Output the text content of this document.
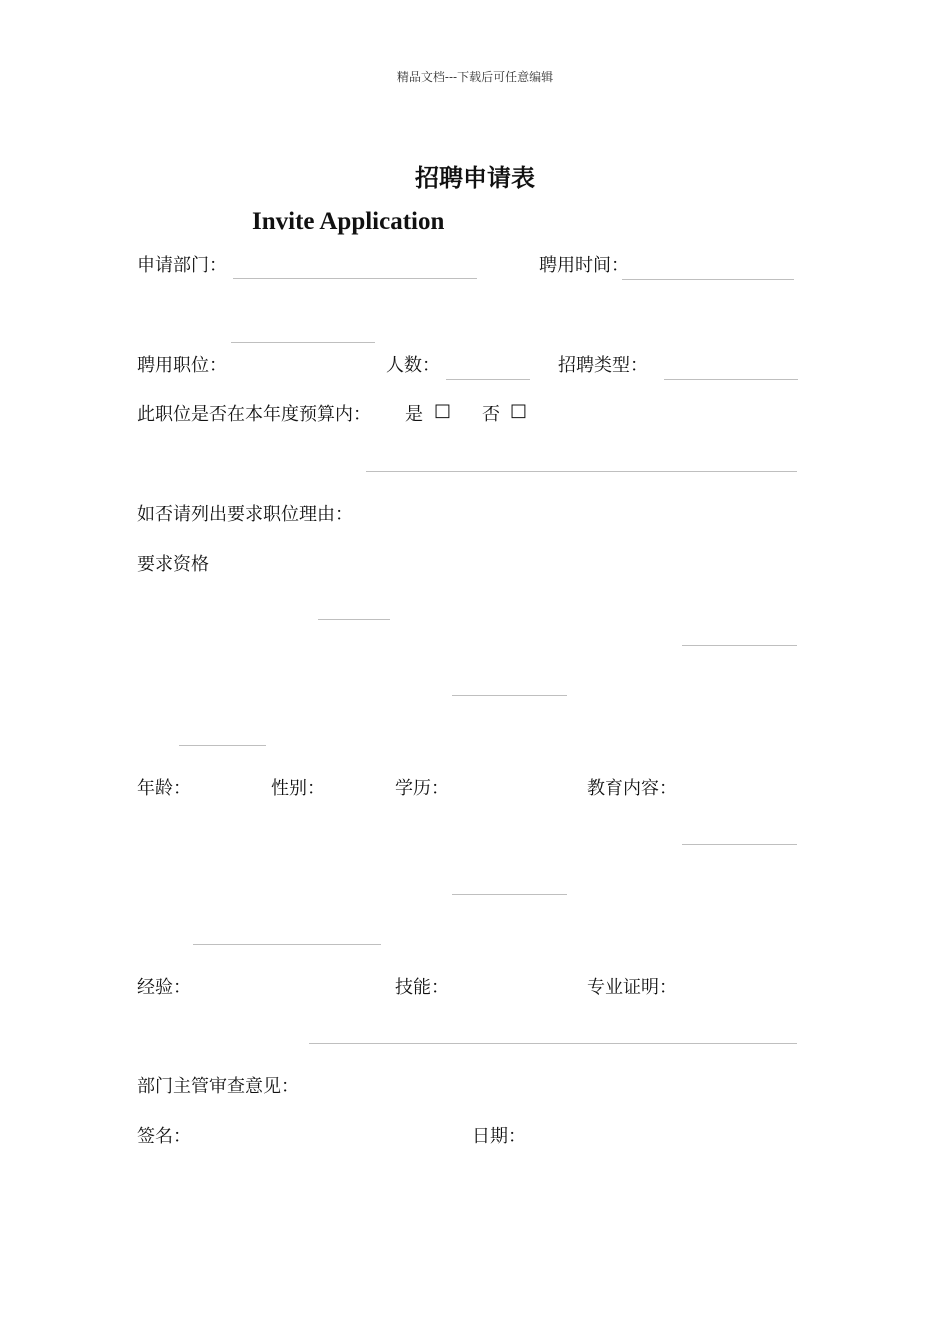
精品文档---下载后可任意编辑
招聘申请表
Invite Application
申请部门：	聘用时间：
聘用职位：	人数：	招聘类型：
此职位是否在本年度预算内： 是 □ 否 □
如否请列出要求职位理由：
要求资格
年龄：	性别：	学历：	教育内容：
经验：	技能：	专业证明：
部门主管审查意见：
签名：	日期：
